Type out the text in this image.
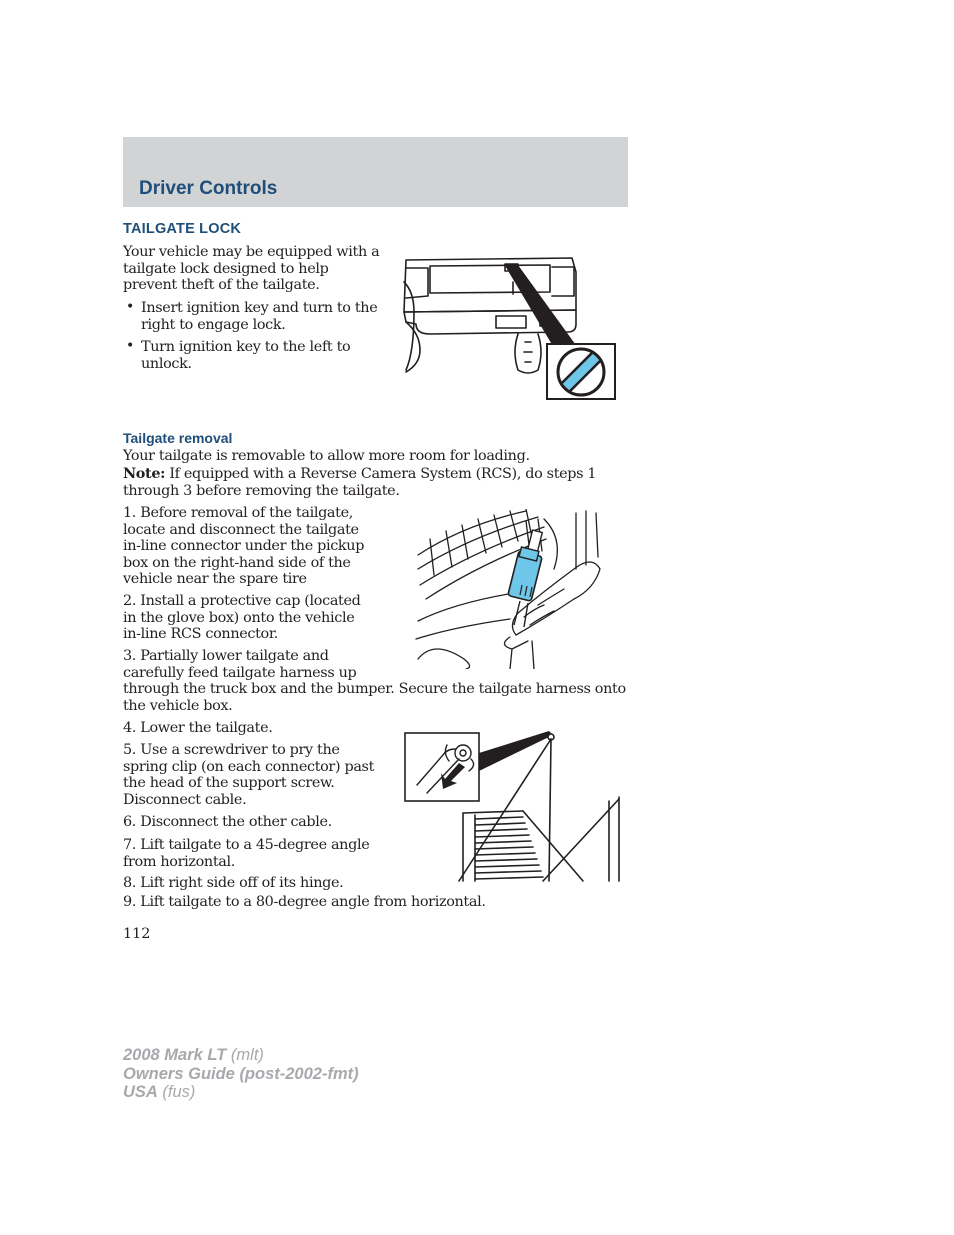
Driver Controls
TAILGATE LOCK
Your vehicle may be equipped with a
tailgate lock designed to help
prevent theft of the tailgate.
• Insert ignition key and turn to the
right to engage lock.
• Turn ignition key to the left to
unlock.
Tailgate removal
Your tailgate is removable to allow more room for loading.
Note: If equipped with a Reverse Camera System (RCS), do steps 1
through 3 before removing the tailgate.
1. Before removal of the tailgate,
locate and disconnect the tailgate
in-line connector under the pickup
box on the right-hand side of the
vehicle near the spare tire
2. Install a protective cap (located
in the glove box) onto the vehicle
in-line RCS connector.
3. Partially lower tailgate and
carefully feed tailgate harness up
through the truck box and the bumper. Secure the tailgate harness onto
the vehicle box.
4. Lower the tailgate.
5. Use a screwdriver to pry the
spring clip (on each connector) past
the head of the support screw.
Disconnect cable.
6. Disconnect the other cable.
7. Lift tailgate to a 45-degree angle
from horizontal.
8. Lift right side off of its hinge.
9. Lift tailgate to a 80-degree angle from horizontal.
112
2008 Mark LT (mlt)
Owners Guide (post-2002-fmt)
USA (fus)
